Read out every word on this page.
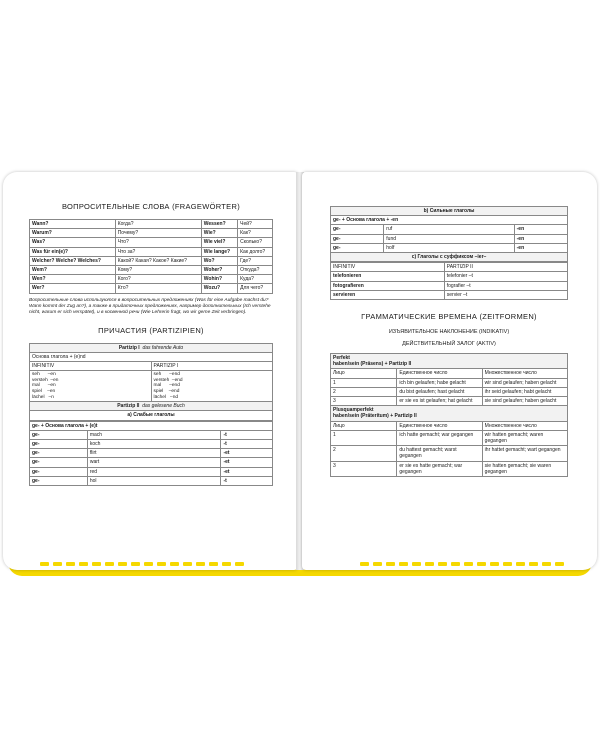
ВОПРОСИТЕЛЬНЫЕ СЛОВА (FRAGEWÖRTER)
Wann?	Когда?	Wessen?	Чей?
Warum?	Почему?	Wie?	Как?
Was?	Что?	Wie viel?	Сколько?
Was für ein(e)?	Что за?	Wie lange?	Как долго?
Welcher? Welche? Welches?	Какой? Какая? Какое? Какие?	Wo?	Где?
Wem?	Кому?	Woher?	Откуда?
Wen?	Кого?	Wohin?	Куда?
Wer?	Кто?	Wozu?	Для чего?

Вопросительные слова используются в вопросительных предложениях (Was für eine Aufgabe machst du? Wann kommt der Zug an?), а также в придаточных предложениях, например дополнительных (Ich verstehe nicht, warum er sich verspätet), и в косвенной речи (Wie Lehrerin fragt, wo wir gerne Zeit verbringen).

ПРИЧАСТИЯ (PARTIZIPIEN)
Partizip I das fahrende Auto	
Основа глагола + (e)nd	
INFINITIV	PARTIZIP I

seh      –en
versteh  –en
mal      –en
spiel    –en
lächel   –n	seh      –end
versteh  –end
mal      –end
spiel    –end
lächel   –nd

Partizip II das gelesene Buch	
а) Слабые глаголы	
ge- + Основа глагола + (e)t		
ge-	mach	-t
ge-	koch	-t
ge-	flirt	-et
ge-	wart	-et
ge-	red	-et
ge-	hol	-t
b) Сильные глаголы		
ge- + Основа глагола + -en		
ge-	ruf	-en
ge-	fund	-en
ge-	holf	-en
c) Глаголы с суффиксом –ier–		
INFINITIV	PARTIZIP II
telefonieren	telefonier –t
fotografieren	fografier –t
servieren	servier –t
ГРАММАТИЧЕСКИЕ ВРЕМЕНА (ZEITFORMEN)
ИЗЪЯВИТЕЛЬНОЕ НАКЛОНЕНИЕ (INDIKATIV)
ДЕЙСТВИТЕЛЬНЫЙ ЗАЛОГ (AKTIV)
Perfekt
haben/sein (Präsens) + Partizip II		
Лицо	Единственное число	Множественное число
1	ich bin gelaufen; habe gelacht	wir sind gelaufen; haben gelacht
2	du bist gelaufen; hast gelacht	ihr seid gelaufen; habt gelacht
3	er sie es ist gelaufen; hat gelacht	sie sind gelaufen; haben gelacht
Plusquamperfekt
haben/sein (Präteritum) + Partizip II		
Лицо	Единственное число	Множественное число
1	ich hatte gemacht; war gegangen	wir hatten gemacht; waren gegangen
2	du hattest gemacht; warst gegangen	ihr hattet gemacht; wart gegangen
3	er sie es hatte gemacht; war gegangen	sie hatten gemacht; sie waren gegangen
